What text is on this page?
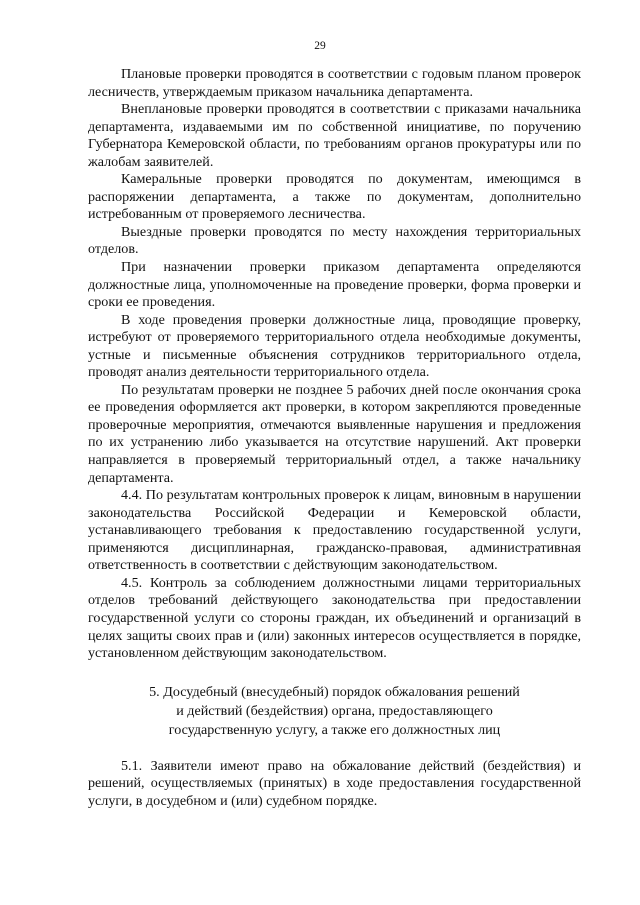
29

Плановые проверки проводятся в соответствии с годовым планом проверок лесничеств, утверждаемым приказом начальника департамента.

Внеплановые проверки проводятся в соответствии с приказами начальника департамента, издаваемыми им по собственной инициативе, по поручению Губернатора Кемеровской области, по требованиям органов прокуратуры или по жалобам заявителей.

Камеральные проверки проводятся по документам, имеющимся в распоряжении департамента, а также по документам, дополнительно истребованным от проверяемого лесничества.

Выездные проверки проводятся по месту нахождения территориальных отделов.

При назначении проверки приказом департамента определяются должностные лица, уполномоченные на проведение проверки, форма проверки и сроки ее проведения.

В ходе проведения проверки должностные лица, проводящие проверку, истребуют от проверяемого территориального отдела необходимые документы, устные и письменные объяснения сотрудников территориального отдела, проводят анализ деятельности территориального отдела.

По результатам проверки не позднее 5 рабочих дней после окончания срока ее проведения оформляется акт проверки, в котором закрепляются проведенные проверочные мероприятия, отмечаются выявленные нарушения и предложения по их устранению либо указывается на отсутствие нарушений. Акт проверки направляется в проверяемый территориальный отдел, а также начальнику департамента.

4.4. По результатам контрольных проверок к лицам, виновным в нарушении законодательства Российской Федерации и Кемеровской области, устанавливающего требования к предоставлению государственной услуги, применяются дисциплинарная, гражданско-правовая, административная ответственность в соответствии с действующим законодательством.

4.5. Контроль за соблюдением должностными лицами территориальных отделов требований действующего законодательства при предоставлении государственной услуги со стороны граждан, их объединений и организаций в целях защиты своих прав и (или) законных интересов осуществляется в порядке, установленном действующим законодательством.

5. Досудебный (внесудебный) порядок обжалования решений
и действий (бездействия) органа, предоставляющего
государственную услугу, а также его должностных лиц

5.1. Заявители имеют право на обжалование действий (бездействия) и решений, осуществляемых (принятых) в ходе предоставления государственной услуги, в досудебном и (или) судебном порядке.
